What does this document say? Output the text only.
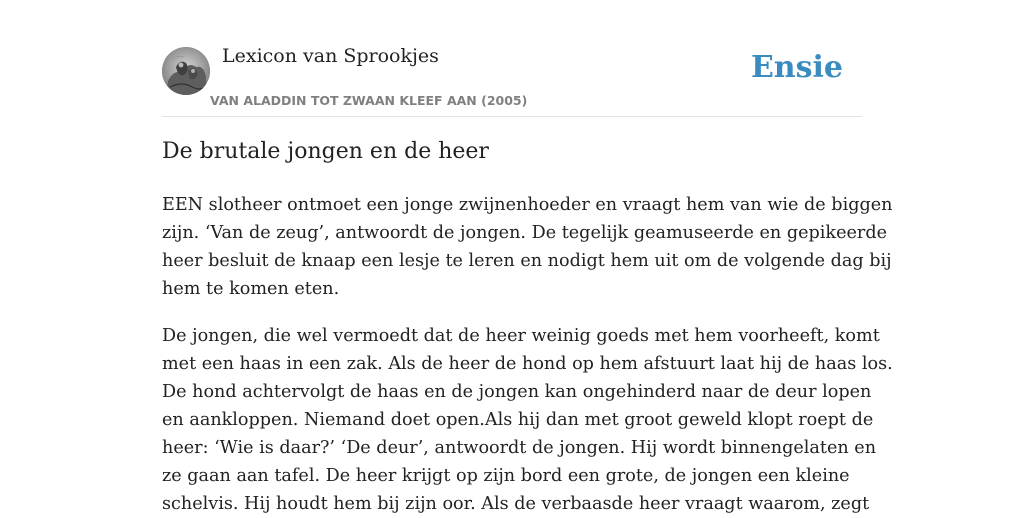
Lexicon van Sprookjes
VAN ALADDIN TOT ZWAAN KLEEF AAN (2005)
Ensie
De brutale jongen en de heer

EEN slotheer ontmoet een jonge zwijnenhoeder en vraagt hem van wie de biggen
zijn. ‘Van de zeug’, antwoordt de jongen. De tegelijk geamuseerde en gepikeerde
heer besluit de knaap een lesje te leren en nodigt hem uit om de volgende dag bij
hem te komen eten.

De jongen, die wel vermoedt dat de heer weinig goeds met hem voorheeft, komt
met een haas in een zak. Als de heer de hond op hem afstuurt laat hij de haas los.
De hond achtervolgt de haas en de jongen kan ongehinderd naar de deur lopen
en aankloppen. Niemand doet open.Als hij dan met groot geweld klopt roept de
heer: ‘Wie is daar?’ ‘De deur’, antwoordt de jongen. Hij wordt binnengelaten en
ze gaan aan tafel. De heer krijgt op zijn bord een grote, de jongen een kleine
schelvis. Hij houdt hem bij zijn oor. Als de verbaasde heer vraagt waarom, zegt
